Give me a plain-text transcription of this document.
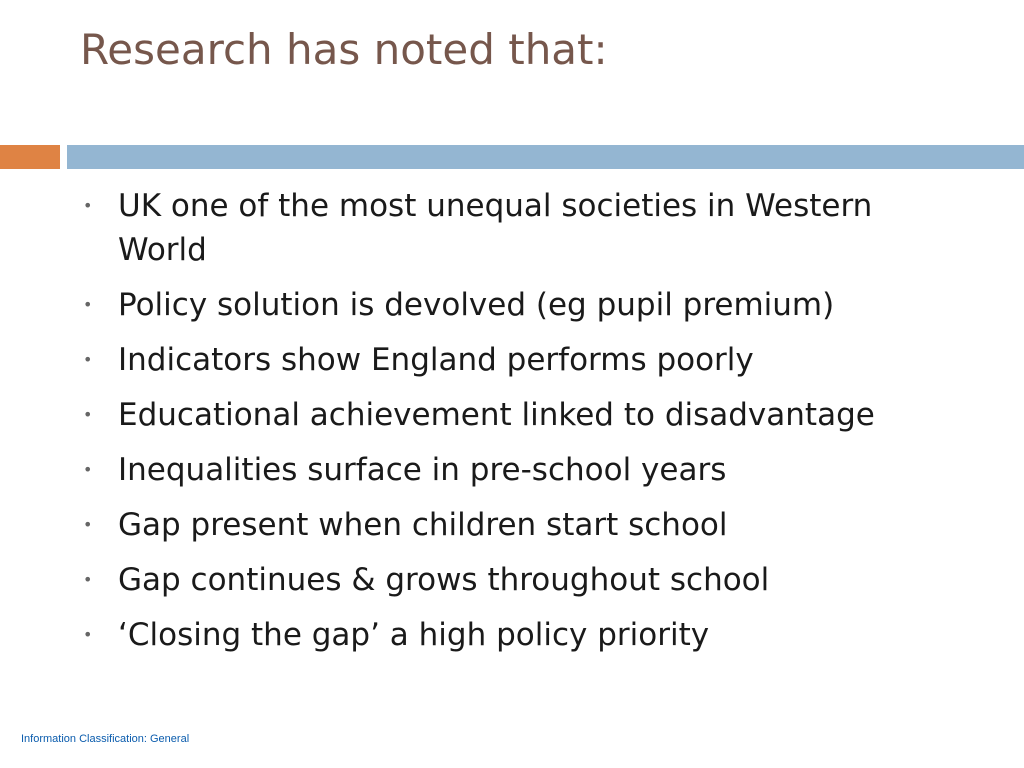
Research has noted that:
• UK one of the most unequal societies in Western World
• Policy solution is devolved (eg pupil premium)
• Indicators show England performs poorly
• Educational achievement linked to disadvantage
• Inequalities surface in pre-school years
• Gap present when children start school
• Gap continues & grows throughout school
• ‘Closing the gap’ a high policy priority
Information Classification: General
